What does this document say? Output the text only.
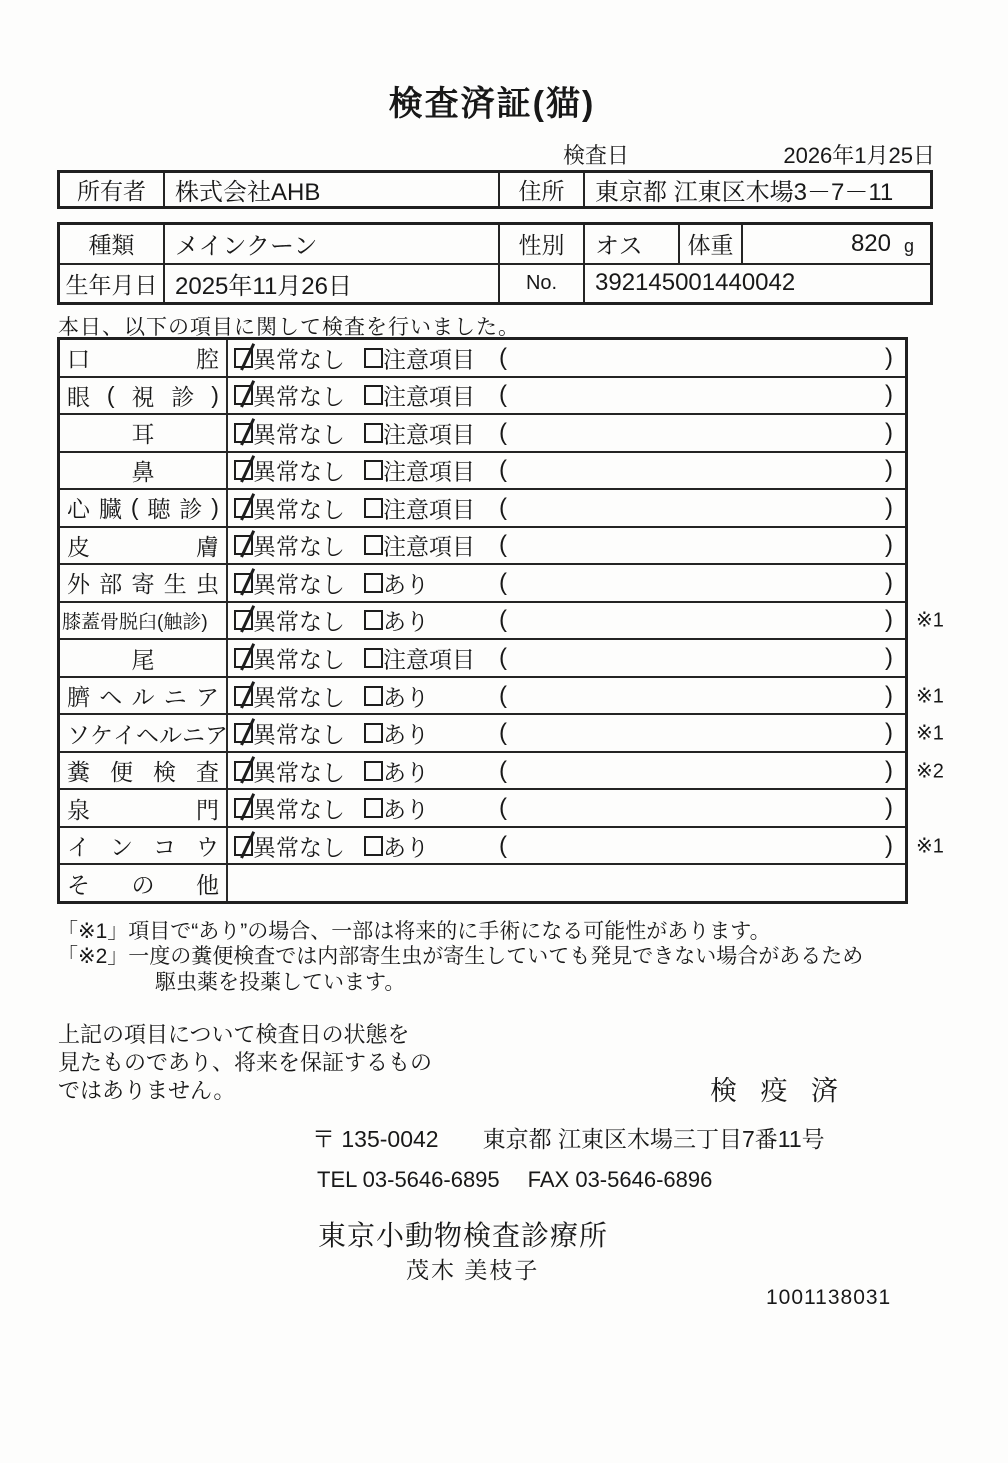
検査済証(猫)
検査日	2026年1月25日
所有者	株式会社AHB	住所	東京都 江東区木場3－7－11
種類	メインクーン	性別	オス	体重	820 g
生年月日 2025年11月26日	No.	392145001440042
本日、以下の項目に関して検査を行いました。
口	腔 異常なし 注意項目 (	)
眼 ( 視 診 ) 異常なし 注意項目 (	)
耳	異常なし 注意項目 (	)
鼻	異常なし 注意項目 (	)
心 臓 ( 聴 診 ) 異常なし 注意項目 (	)
皮	膚 異常なし 注意項目 (	)
外 部 寄 生 虫 異常なし あり	(	)
膝蓋骨脱臼(触診)	異常なし あり	(	) ※1
尾	異常なし 注意項目 (	)
臍 ヘ ル ニ ア 異常なし あり	(	) ※1
ソ ケ イ ヘ ル ニ ア 異常なし あり	(	) ※1
糞 便 検 査 異常なし あり	(	) ※2
泉	門 異常なし あり	(	)
イ ン コ ウ 異常なし あり	(	) ※1
そ の 他
「※1」項目で“あり”の場合、一部は将来的に手術になる可能性があります。
「※2」一度の糞便検査では内部寄生虫が寄生していても発見できない場合があるため
駆虫薬を投薬しています。
上記の項目について検査日の状態を
見たものであり、将来を保証するもの
ではありません。	検 疫 済
〒 135-0042 東京都 江東区木場三丁目7番11号
TEL 03-5646-6895 FAX 03-5646-6896
東京小動物検査診療所
茂木 美枝子
1001138031
